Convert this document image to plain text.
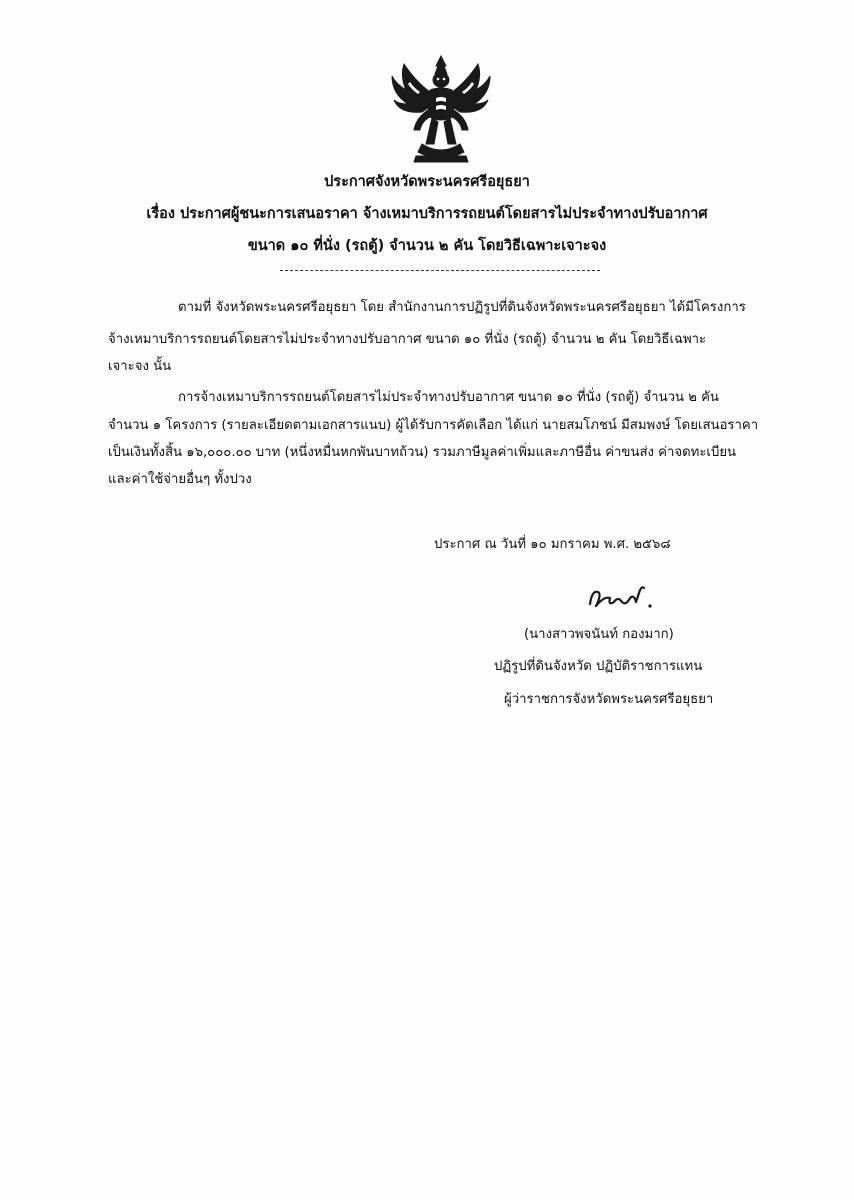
ประกาศจังหวัดพระนครศรีอยุธยา
เรื่อง ประกาศผู้ชนะการเสนอราคา จ้างเหมาบริการรถยนต์โดยสารไม่ประจำทางปรับอากาศ
ขนาด ๑๐ ที่นั่ง (รถตู้) จำนวน ๒ คัน โดยวิธีเฉพาะเจาะจง
ตามที่ จังหวัดพระนครศรีอยุธยา โดย สำนักงานการปฏิรูปที่ดินจังหวัดพระนครศรีอยุธยา ได้มีโครงการ
จ้างเหมาบริการรถยนต์โดยสารไม่ประจำทางปรับอากาศ ขนาด ๑๐ ที่นั่ง (รถตู้) จำนวน ๒ คัน โดยวิธีเฉพาะ
เจาะจง นั้น
การจ้างเหมาบริการรถยนต์โดยสารไม่ประจำทางปรับอากาศ ขนาด ๑๐ ที่นั่ง (รถตู้) จำนวน ๒ คัน
จำนวน ๑ โครงการ (รายละเอียดตามเอกสารแนบ) ผู้ได้รับการคัดเลือก ได้แก่ นายสมโภชน์ มีสมพงษ์ โดยเสนอราคา
เป็นเงินทั้งสิ้น ๑๖,๐๐๐.๐๐ บาท (หนึ่งหมื่นหกพันบาทถ้วน) รวมภาษีมูลค่าเพิ่มและภาษีอื่น ค่าขนส่ง ค่าจดทะเบียน
และค่าใช้จ่ายอื่นๆ ทั้งปวง
ประกาศ ณ วันที่ ๑๐ มกราคม พ.ศ. ๒๕๖๘
(นางสาวพจนันท์ กองมาก)
ปฏิรูปที่ดินจังหวัด ปฏิบัติราชการแทน
ผู้ว่าราชการจังหวัดพระนครศรีอยุธยา
